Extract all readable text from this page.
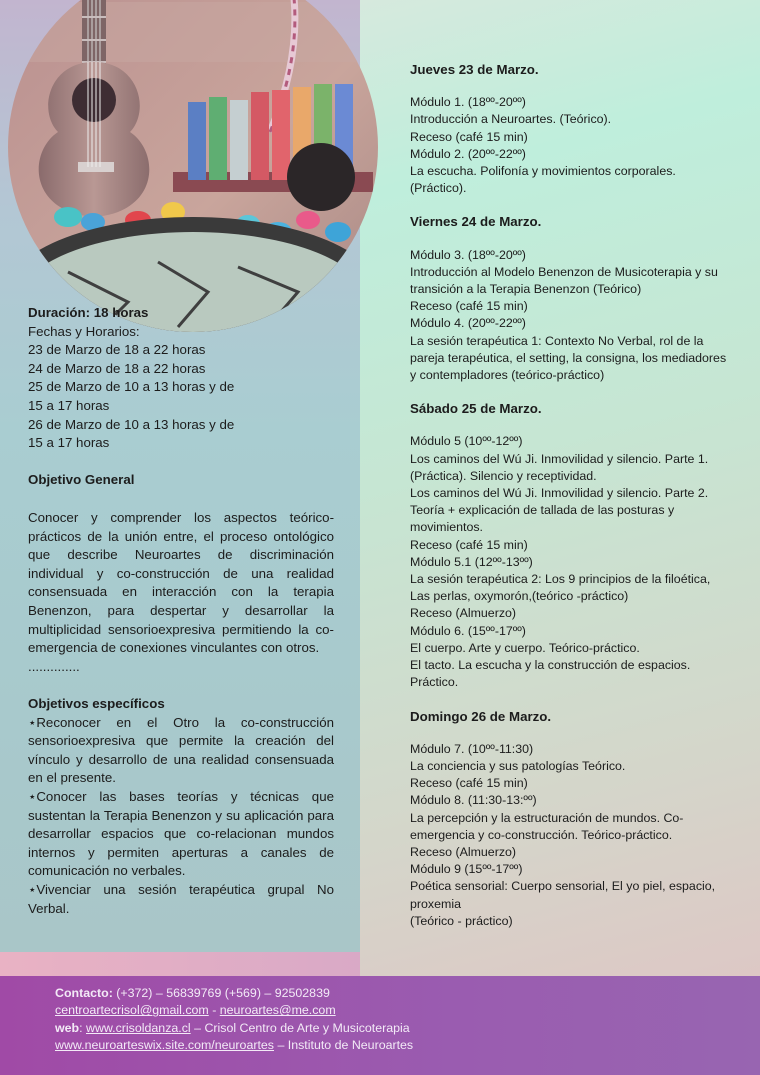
Duración: 18 horas

Fechas y Horarios:

23 de Marzo de 18 a 22 horas

24 de Marzo de 18 a 22 horas

25 de Marzo de 10 a 13 horas y de

15 a 17 horas

26 de Marzo de 10 a 13 horas y de

15 a 17 horas

Objetivo General

Conocer y comprender los aspectos teórico-prácticos de la unión entre, el proceso ontológico que describe Neuroartes de discriminación individual y co-construcción de una realidad consensuada en interacción con la terapia Benenzon, para despertar y desarrollar la multiplicidad sensorioexpresiva permitiendo la co-emergencia de conexiones vinculantes con otros.

..............

Objetivos específicos

⋆Reconocer en el Otro la co-construcción sensorioexpresiva que permite la creación del vínculo y desarrollo de una realidad consensuada en el presente.

⋆Conocer las bases teorías y técnicas que sustentan la Terapia Benenzon y su aplicación para desarrollar espacios que co-relacionan mundos internos y permiten aperturas a canales de comunicación no verbales.

⋆Vivenciar una sesión terapéutica grupal No Verbal.

Jueves 23 de Marzo.

Módulo 1. (18ºº-20ºº)

Introducción a Neuroartes. (Teórico).

Receso (café 15 min)

Módulo 2. (20ºº-22ºº)

La escucha. Polifonía y movimientos corporales. (Práctico).

Viernes 24 de Marzo.

Módulo 3. (18ºº-20ºº)

Introducción al Modelo Benenzon de Musicoterapia y su transición a la Terapia Benenzon (Teórico)

Receso (café 15 min)

Módulo 4. (20ºº-22ºº)

La sesión terapéutica 1: Contexto No Verbal, rol de la pareja terapéutica, el setting, la consigna, los mediadores y contempladores (teórico-práctico)

Sábado 25 de Marzo.

Módulo 5 (10ºº-12ºº)

Los caminos del Wú Ji. Inmovilidad y silencio. Parte 1. (Práctica). Silencio y receptividad.

Los caminos del Wú Ji. Inmovilidad y silencio. Parte 2. Teoría + explicación de tallada de las posturas y movimientos.

Receso (café 15 min)

Módulo 5.1 (12ºº-13ºº)

La sesión terapéutica 2: Los 9 principios de la filoética, Las perlas, oxymorón,(teórico -práctico)

Receso (Almuerzo)

Módulo 6. (15ºº-17ºº)

El cuerpo. Arte y cuerpo. Teórico-práctico.

El tacto. La escucha y la construcción de espacios. Práctico.

Domingo 26 de Marzo.

Módulo 7. (10ºº-11:30)

La conciencia y sus patologías Teórico.

Receso (café 15 min)

Módulo 8. (11:30-13:ºº)

La percepción y la estructuración de mundos. Co-emergencia y co-construcción. Teórico-práctico.

Receso (Almuerzo)

Módulo 9 (15ºº-17ºº)

Poética sensorial: Cuerpo sensorial, El yo piel, espacio, proxemia

(Teórico - práctico)

Contacto: (+372) – 56839769 (+569) – 92502839

centroartecrisol@gmail.com - neuroartes@me.com

web: www.crisoldanza.cl – Crisol Centro de Arte y Musicoterapia

www.neuroarteswix.site.com/neuroartes – Instituto de Neuroartes
